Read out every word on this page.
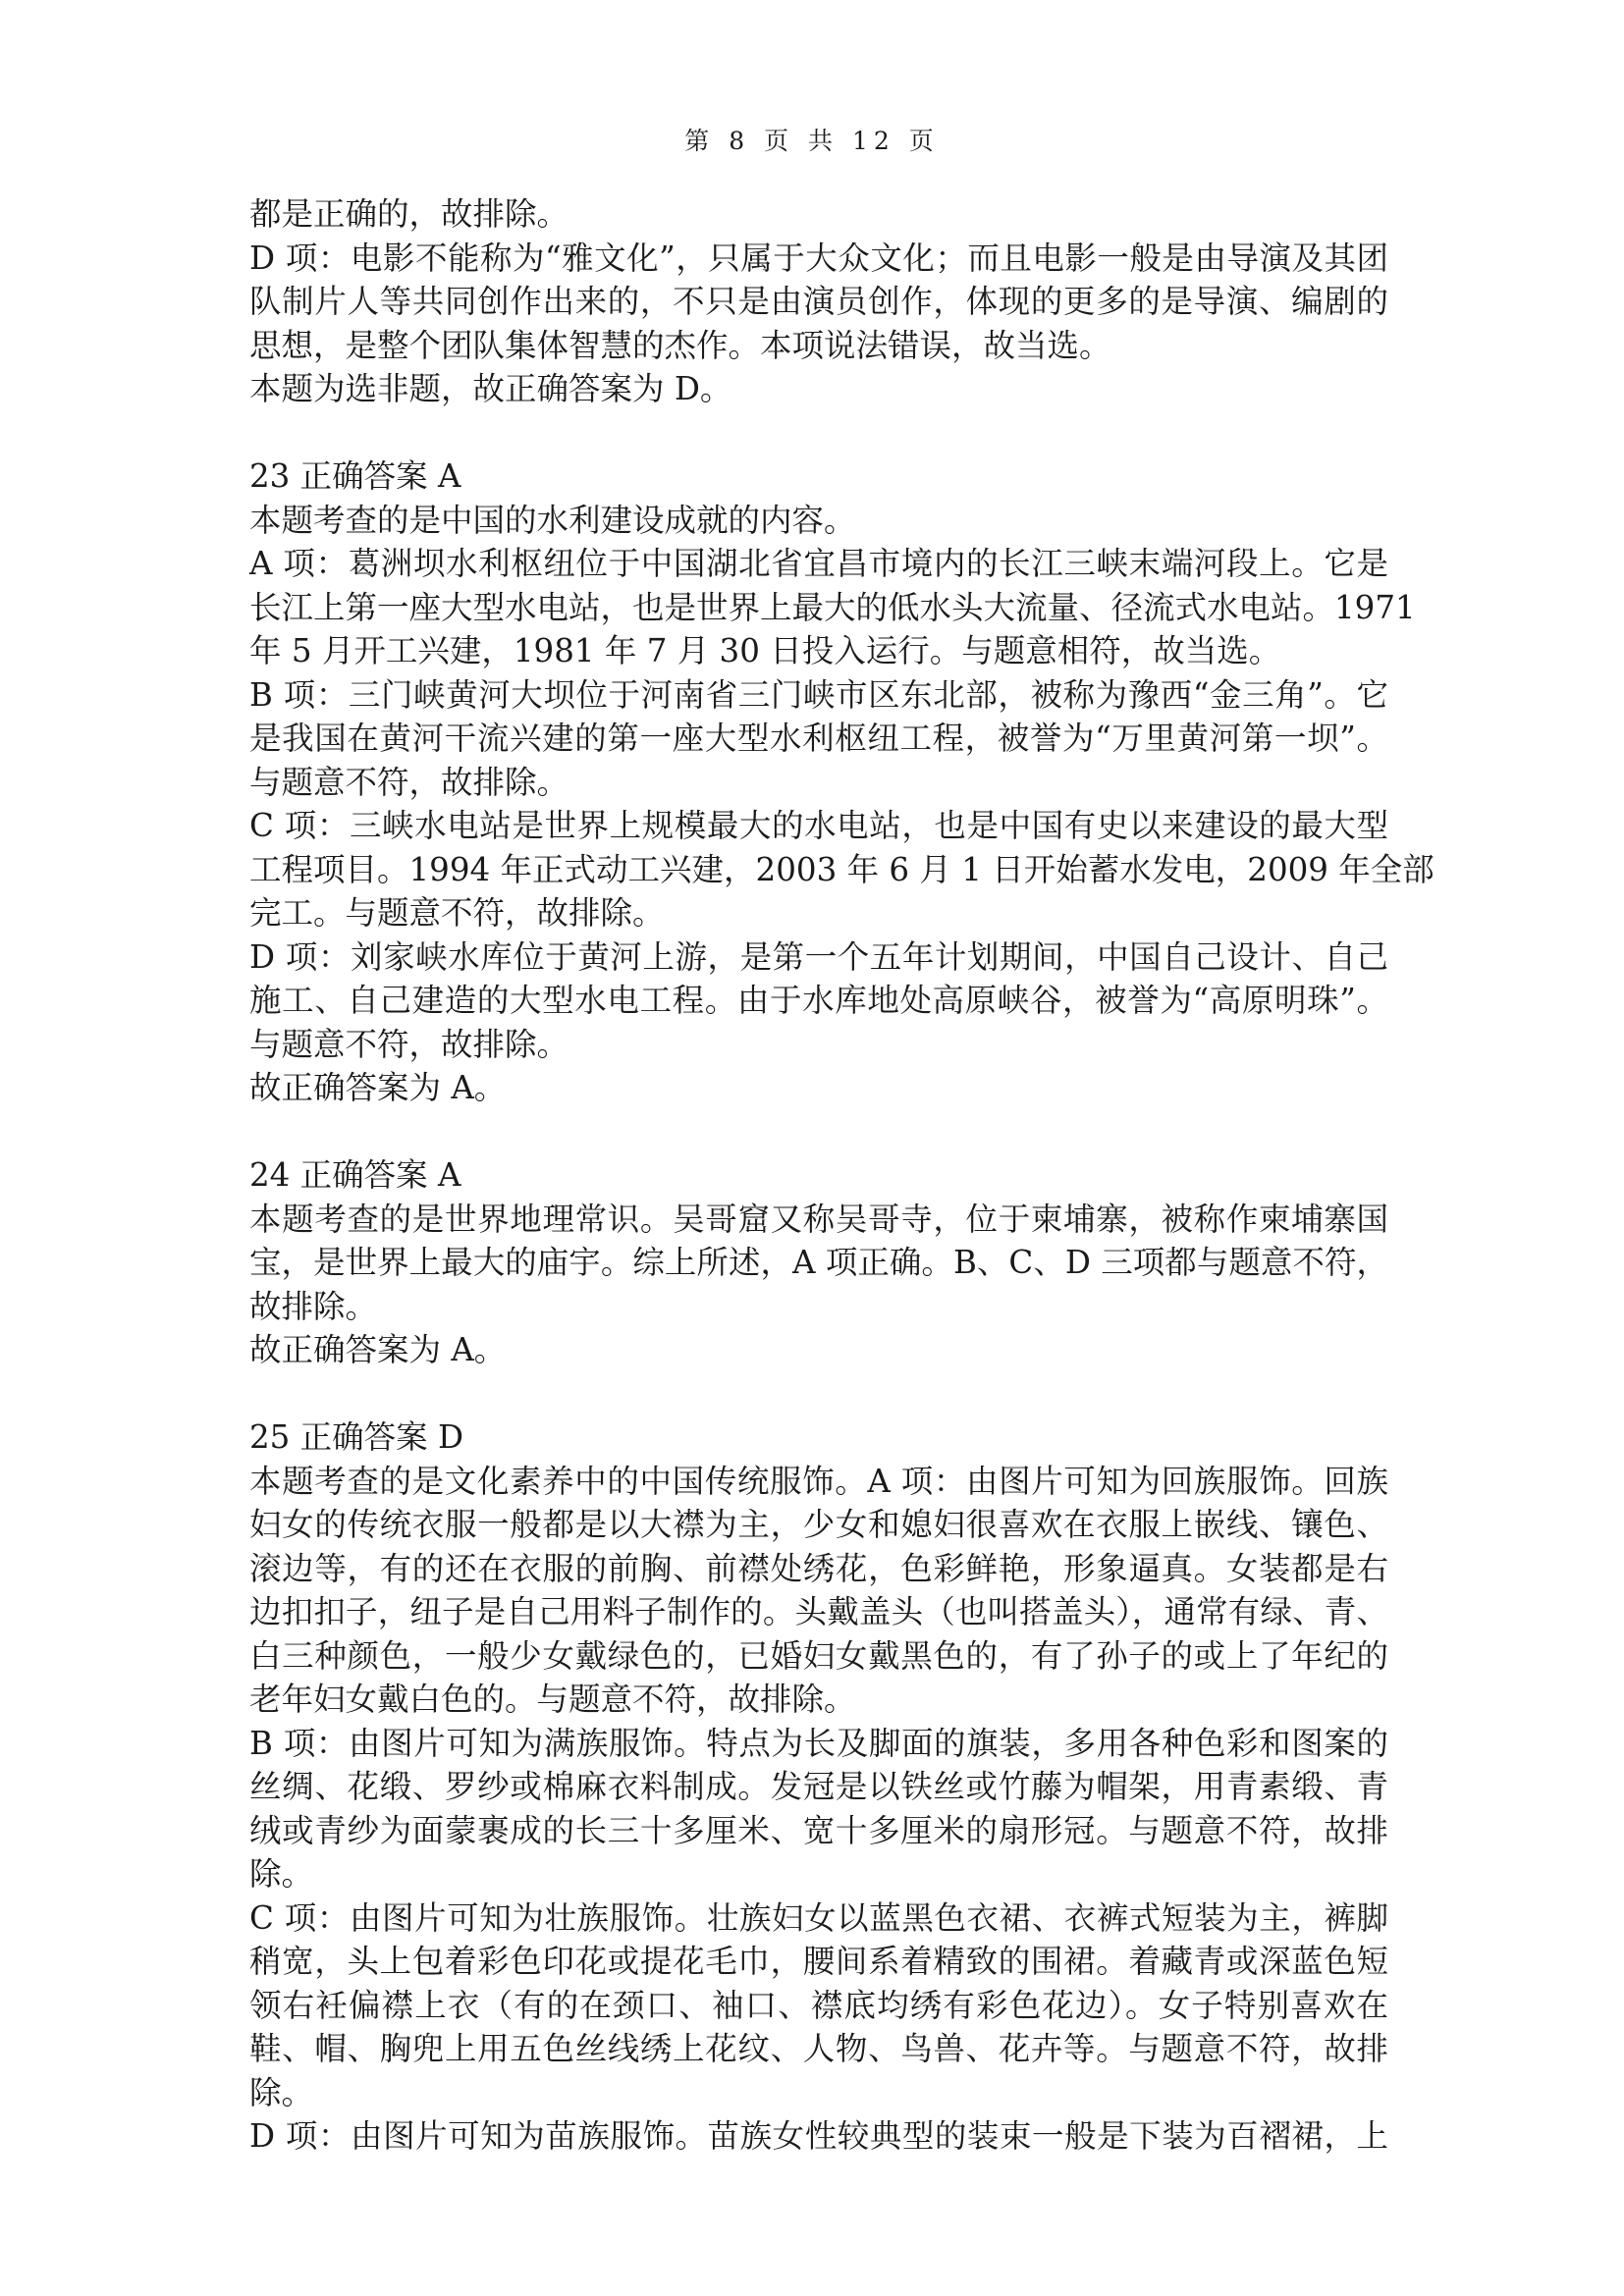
第 8 页 共 12 页
都是正确的，故排除。
D 项：电影不能称为“雅文化”，只属于大众文化；而且电影一般是由导演及其团
队制片人等共同创作出来的，不只是由演员创作，体现的更多的是导演、编剧的
思想，是整个团队集体智慧的杰作。本项说法错误，故当选。
本题为选非题，故正确答案为 D。
23 正确答案 A
本题考查的是中国的水利建设成就的内容。
A 项：葛洲坝水利枢纽位于中国湖北省宜昌市境内的长江三峡末端河段上。它是
长江上第一座大型水电站，也是世界上最大的低水头大流量、径流式水电站。1971
年 5 月开工兴建，1981 年 7 月 30 日投入运行。与题意相符，故当选。
B 项：三门峡黄河大坝位于河南省三门峡市区东北部，被称为豫西“金三角”。它
是我国在黄河干流兴建的第一座大型水利枢纽工程，被誉为“万里黄河第一坝”。
与题意不符，故排除。
C 项：三峡水电站是世界上规模最大的水电站，也是中国有史以来建设的最大型
工程项目。1994 年正式动工兴建，2003 年 6 月 1 日开始蓄水发电，2009 年全部
完工。与题意不符，故排除。
D 项：刘家峡水库位于黄河上游，是第一个五年计划期间，中国自己设计、自己
施工、自己建造的大型水电工程。由于水库地处高原峡谷，被誉为“高原明珠”。
与题意不符，故排除。
故正确答案为 A。
24 正确答案 A
本题考查的是世界地理常识。吴哥窟又称吴哥寺，位于柬埔寨，被称作柬埔寨国
宝，是世界上最大的庙宇。综上所述，A 项正确。B、C、D 三项都与题意不符，
故排除。
故正确答案为 A。
25 正确答案 D
本题考查的是文化素养中的中国传统服饰。A 项：由图片可知为回族服饰。回族
妇女的传统衣服一般都是以大襟为主，少女和媳妇很喜欢在衣服上嵌线、镶色、
滚边等，有的还在衣服的前胸、前襟处绣花，色彩鲜艳，形象逼真。女装都是右
边扣扣子，纽子是自己用料子制作的。头戴盖头（也叫搭盖头），通常有绿、青、
白三种颜色，一般少女戴绿色的，已婚妇女戴黑色的，有了孙子的或上了年纪的
老年妇女戴白色的。与题意不符，故排除。
B 项：由图片可知为满族服饰。特点为长及脚面的旗装，多用各种色彩和图案的
丝绸、花缎、罗纱或棉麻衣料制成。发冠是以铁丝或竹藤为帽架，用青素缎、青
绒或青纱为面蒙裹成的长三十多厘米、宽十多厘米的扇形冠。与题意不符，故排
除。
C 项：由图片可知为壮族服饰。壮族妇女以蓝黑色衣裙、衣裤式短装为主，裤脚
稍宽，头上包着彩色印花或提花毛巾，腰间系着精致的围裙。着藏青或深蓝色短
领右衽偏襟上衣（有的在颈口、袖口、襟底均绣有彩色花边）。女子特别喜欢在
鞋、帽、胸兜上用五色丝线绣上花纹、人物、鸟兽、花卉等。与题意不符，故排
除。
D 项：由图片可知为苗族服饰。苗族女性较典型的装束一般是下装为百褶裙，上
